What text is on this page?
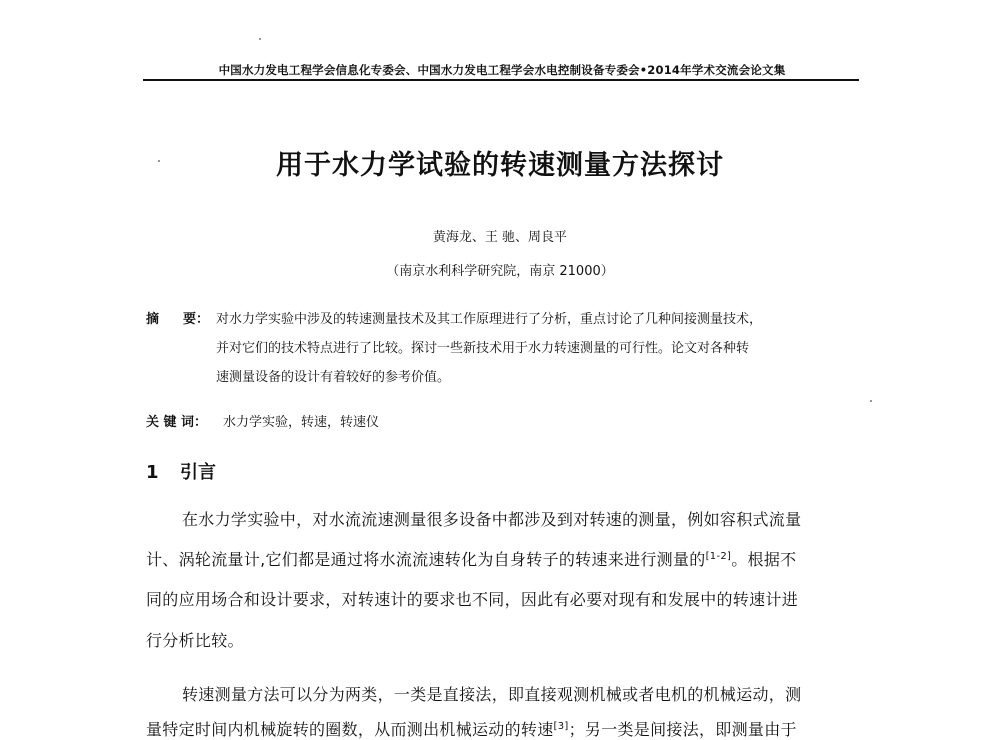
中国水力发电工程学会信息化专委会、中国水力发电工程学会水电控制设备专委会•2014年学术交流会论文集
用于水力学试验的转速测量方法探讨
黄海龙、王 驰、周良平
（南京水利科学研究院，南京 21000）
摘 要： 对水力学实验中涉及的转速测量技术及其工作原理进行了分析，重点讨论了几种间接测量技术，
并对它们的技术特点进行了比较。探讨一些新技术用于水力转速测量的可行性。论文对各种转
速测量设备的设计有着较好的参考价值。
关 键 词： 水力学实验，转速，转速仪
1 引言
在水力学实验中，对水流流速测量很多设备中都涉及到对转速的测量，例如容积式流量
计、涡轮流量计,它们都是通过将水流流速转化为自身转子的转速来进行测量的[1-2]。根据不
同的应用场合和设计要求，对转速计的要求也不同，因此有必要对现有和发展中的转速计进
行分析比较。
转速测量方法可以分为两类，一类是直接法，即直接观测机械或者电机的机械运动，测
量特定时间内机械旋转的圈数，从而测出机械运动的转速[3]；另一类是间接法，即测量由于
